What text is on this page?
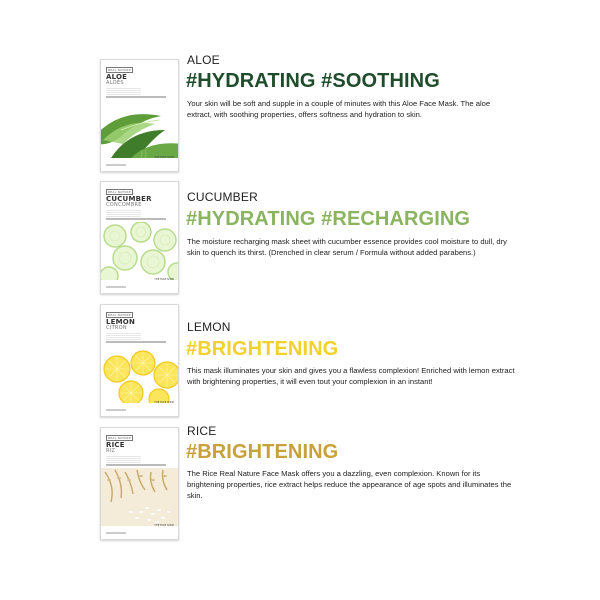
REAL NATURE
ALOE
ALOÈS
THE FACE SHOP
ALOE
#HYDRATING #SOOTHING
Your skin will be soft and supple in a couple of minutes with this Aloe Face Mask. The aloe extract, with soothing properties, offers softness and hydration to skin.
REAL NATURE
CUCUMBER
CONCOMBRE
THE FACE SHOP
CUCUMBER
#HYDRATING #RECHARGING
The moisture recharging mask sheet with cucumber essence provides cool moisture to dull, dry skin to quench its thirst. (Drenched in clear serum / Formula without added parabens.)
REAL NATURE
LEMON
CITRON
THE FACE SHOP
LEMON
#BRIGHTENING
This mask illuminates your skin and gives you a flawless complexion! Enriched with lemon extract with brightening properties, it will even tout your complexion in an instant!
REAL NATURE
RICE
RIZ
THE FACE SHOP
RICE
#BRIGHTENING
The Rice Real Nature Face Mask offers you a dazzling, even complexion. Known for its brightening properties, rice extract helps reduce the appearance of age spots and illuminates the skin.
